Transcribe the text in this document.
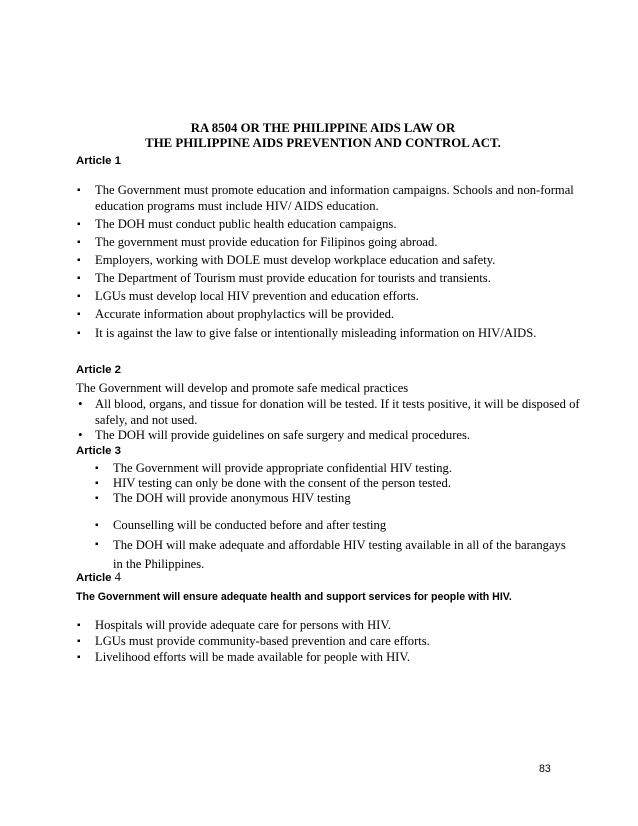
RA 8504 OR THE PHILIPPINE AIDS LAW OR
THE PHILIPPINE AIDS PREVENTION AND CONTROL ACT.
Article 1
▪ The Government must promote education and information campaigns. Schools and non-formal education programs must include HIV/ AIDS education.
▪ The DOH must conduct public health education campaigns.
▪ The government must provide education for Filipinos going abroad.
▪ Employers, working with DOLE must develop workplace education and safety.
▪ The Department of Tourism must provide education for tourists and transients.
▪ LGUs must develop local HIV prevention and education efforts.
▪ Accurate information about prophylactics will be provided.
▪ It is against the law to give false or intentionally misleading information on HIV/AIDS.
Article 2
The Government will develop and promote safe medical practices
• All blood, organs, and tissue for donation will be tested. If it tests positive, it will be disposed of safely, and not used.
• The DOH will provide guidelines on safe surgery and medical procedures.
Article 3
▪ The Government will provide appropriate confidential HIV testing.
▪ HIV testing can only be done with the consent of the person tested.
▪ The DOH will provide anonymous HIV testing
▪ Counselling will be conducted before and after testing
▪ The DOH will make adequate and affordable HIV testing available in all of the barangays in the Philippines.
Article 4
The Government will ensure adequate health and support services for people with HIV.
▪ Hospitals will provide adequate care for persons with HIV.
▪ LGUs must provide community-based prevention and care efforts.
▪ Livelihood efforts will be made available for people with HIV.
83
